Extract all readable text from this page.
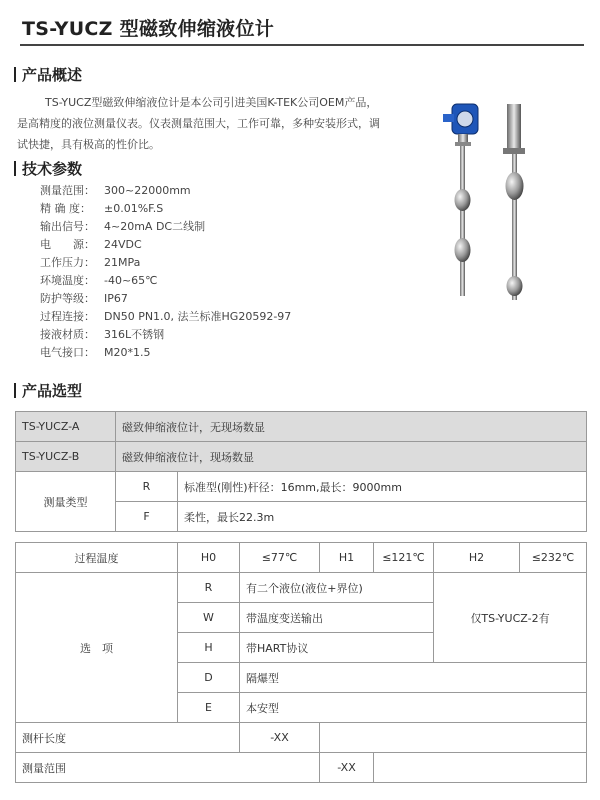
TS-YUCZ 型磁致伸缩液位计
产品概述
TS-YUCZ型磁致伸缩液位计是本公司引进美国K-TEK公司OEM产品，是高精度的液位测量仪表。仪表测量范围大，工作可靠，多种安装形式，调试快捷，具有极高的性价比。
技术参数
测量范围： 300~22000mm
精 确 度： ±0.01%F.S
输出信号： 4~20mA DC二线制
电　　源： 24VDC
工作压力： 21MPa
环境温度： -40~65℃
防护等级： IP67
过程连接： DN50 PN1.0, 法兰标准HG20592-97
接液材质： 316L不锈钢
电气接口： M20*1.5
产品选型
TS-YUCZ-A	磁致伸缩液位计，无现场数显						
TS-YUCZ-B	磁致伸缩液位计，现场数显						
测量类型	R	标准型(刚性)杆径：16mm,最长：9000mm					
	F	柔性，最长22.3m					

过程温度		H0	≤77℃	H1	≤121℃	H2	≤232℃
选　项		R	有二个液位(液位+界位)			仅TS-YUCZ-2有	
		W	带温度变送输出				
		H	带HART协议				
		D	隔爆型				
		E	本安型				
测杆长度			-XX				
测量范围				-XX			
